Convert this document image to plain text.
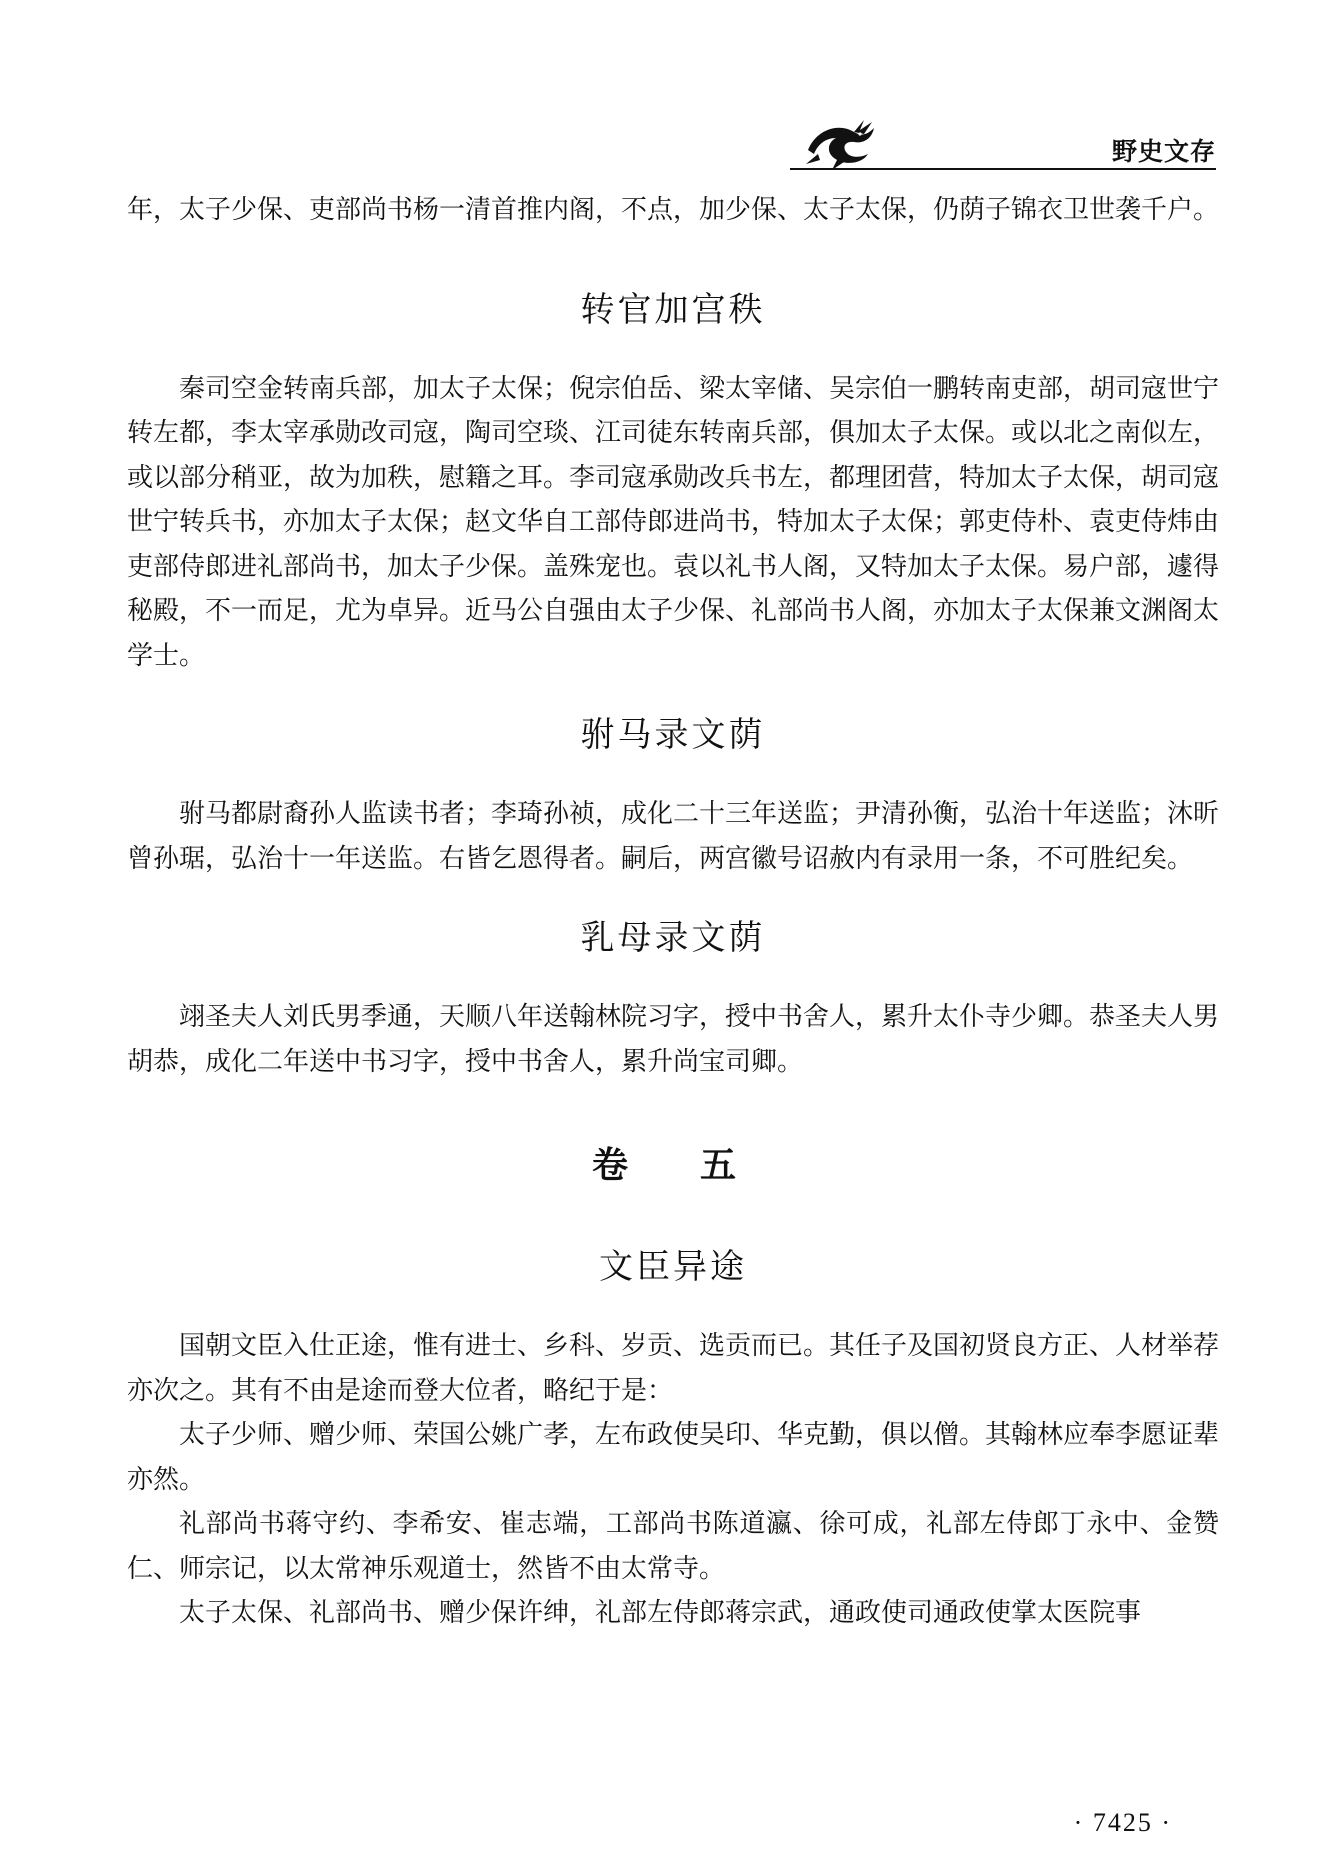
野史文存

年，太子少保、吏部尚书杨一清首推内阁，不点，加少保、太子太保，仍荫子锦衣卫世袭千户。

转官加宫秩

秦司空金转南兵部，加太子太保；倪宗伯岳、梁太宰储、吴宗伯一鹏转南吏部，胡司寇世宁转左都，李太宰承勋改司寇，陶司空琰、江司徒东转南兵部，俱加太子太保。或以北之南似左，或以部分稍亚，故为加秩，慰籍之耳。李司寇承勋改兵书左，都理团营，特加太子太保，胡司寇世宁转兵书，亦加太子太保；赵文华自工部侍郎进尚书，特加太子太保；郭吏侍朴、袁吏侍炜由吏部侍郎进礼部尚书，加太子少保。盖殊宠也。袁以礼书人阁，又特加太子太保。易户部，遽得秘殿，不一而足，尤为卓异。近马公自强由太子少保、礼部尚书人阁，亦加太子太保兼文渊阁太学士。

驸马录文荫

驸马都尉裔孙人监读书者；李琦孙祯，成化二十三年送监；尹清孙衡，弘治十年送监；沐昕曾孙琚，弘治十一年送监。右皆乞恩得者。嗣后，两宫徽号诏赦内有录用一条，不可胜纪矣。

乳母录文荫

翊圣夫人刘氏男季通，天顺八年送翰林院习字，授中书舍人，累升太仆寺少卿。恭圣夫人男胡恭，成化二年送中书习字，授中书舍人，累升尚宝司卿。

卷　五
文臣异途

国朝文臣入仕正途，惟有进士、乡科、岁贡、选贡而已。其任子及国初贤良方正、人材举荐亦次之。其有不由是途而登大位者，略纪于是：

太子少师、赠少师、荣国公姚广孝，左布政使吴印、华克勤，俱以僧。其翰林应奉李愿证辈亦然。

礼部尚书蒋守约、李希安、崔志端，工部尚书陈道瀛、徐可成，礼部左侍郎丁永中、金赞仁、师宗记，以太常神乐观道士，然皆不由太常寺。

太子太保、礼部尚书、赠少保许绅，礼部左侍郎蒋宗武，通政使司通政使掌太医院事

· 7425 ·
